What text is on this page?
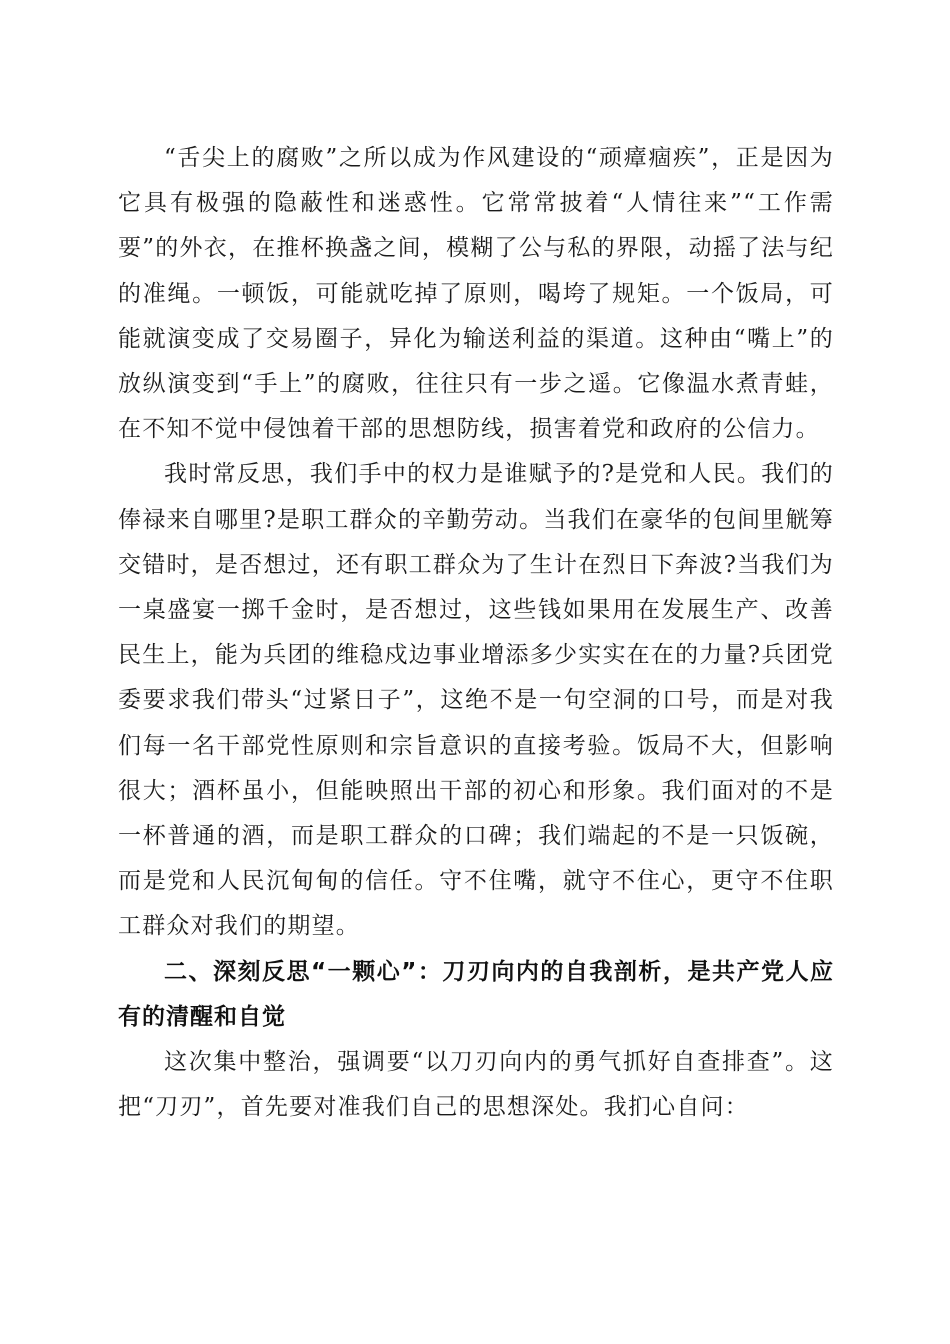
“舌尖上的腐败”之所以成为作风建设的“顽瘴痼疾”，正是因为它具有极强的隐蔽性和迷惑性。它常常披着“人情往来”“工作需要”的外衣，在推杯换盏之间，模糊了公与私的界限，动摇了法与纪的准绳。一顿饭，可能就吃掉了原则，喝垮了规矩。一个饭局，可能就演变成了交易圈子，异化为输送利益的渠道。这种由“嘴上”的放纵演变到“手上”的腐败，往往只有一步之遥。它像温水煮青蛙，在不知不觉中侵蚀着干部的思想防线，损害着党和政府的公信力。

我时常反思，我们手中的权力是谁赋予的?是党和人民。我们的俸禄来自哪里?是职工群众的辛勤劳动。当我们在豪华的包间里觥筹交错时，是否想过，还有职工群众为了生计在烈日下奔波?当我们为一桌盛宴一掷千金时，是否想过，这些钱如果用在发展生产、改善民生上，能为兵团的维稳戍边事业增添多少实实在在的力量?兵团党委要求我们带头“过紧日子”，这绝不是一句空洞的口号，而是对我们每一名干部党性原则和宗旨意识的直接考验。饭局不大，但影响很大；酒杯虽小，但能映照出干部的初心和形象。我们面对的不是一杯普通的酒，而是职工群众的口碑；我们端起的不是一只饭碗，而是党和人民沉甸甸的信任。守不住嘴，就守不住心，更守不住职工群众对我们的期望。

二、深刻反思“一颗心”：刀刃向内的自我剖析，是共产党人应有的清醒和自觉

这次集中整治，强调要“以刀刃向内的勇气抓好自查排查”。这把“刀刃”，首先要对准我们自己的思想深处。我扪心自问：
